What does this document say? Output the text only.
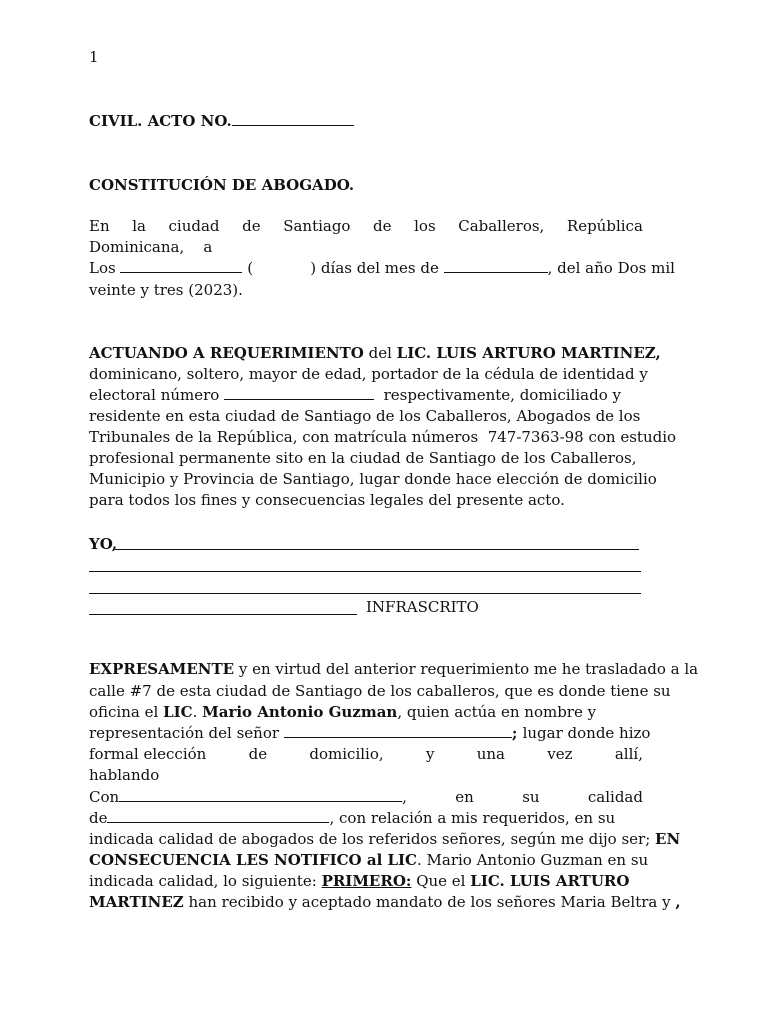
1
CIVIL. ACTO NO.
CONSTITUCIÓN DE ABOGADO.
En la ciudad de Santiago de los Caballeros, República
Dominicana,    a
Los	(            ) días del mes de	, del año Dos mil
veinte y tres (2023).
ACTUANDO A REQUERIMIENTO del LIC. LUIS ARTURO MARTINEZ,
dominicano, soltero, mayor de edad, portador de la cédula de identidad y
electoral número	respectivamente, domiciliado y
residente en esta ciudad de Santiago de los Caballeros, Abogados de los
Tribunales de la República, con matrícula números  747-7363-98 con estudio
profesional permanente sito en la ciudad de Santiago de los Caballeros,
Municipio y Provincia de Santiago, lugar donde hace elección de domicilio
para todos los fines y consecuencias legales del presente acto.
YO,
INFRASCRITO
EXPRESAMENTE y en virtud del anterior requerimiento me he trasladado a la
calle #7 de esta ciudad de Santiago de los caballeros, que es donde tiene su
oficina el LIC. Mario Antonio Guzman, quien actúa en nombre y
representación del señor	; lugar donde hizo
formal elección	de	domicilio,	y	una	vez	allí,
hablando
Con	,	en	su	calidad
de	, con relación a mis requeridos, en su
indicada calidad de abogados de los referidos señores, según me dijo ser; EN
CONSECUENCIA LES NOTIFICO al LIC. Mario Antonio Guzman en su
indicada calidad, lo siguiente: PRIMERO: Que el LIC. LUIS ARTURO
MARTINEZ han recibido y aceptado mandato de los señores Maria Beltra y ,
